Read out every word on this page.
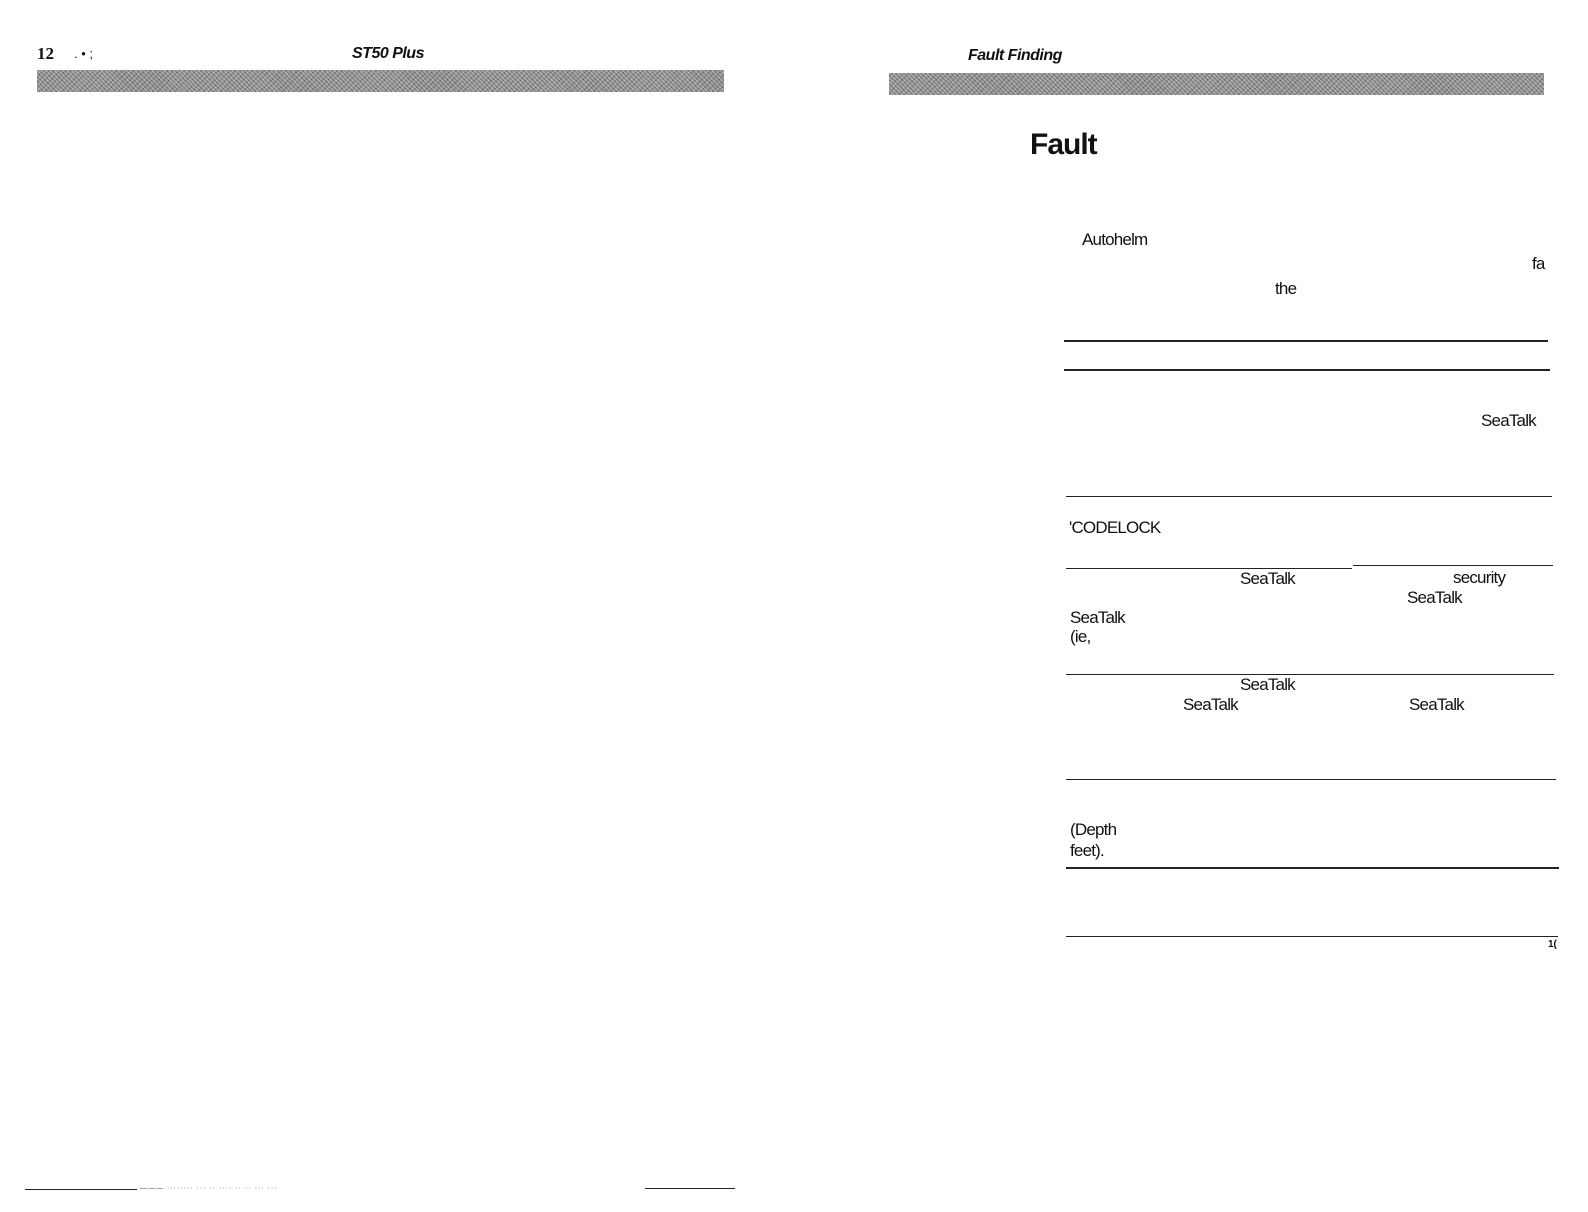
12 . • ;	ST50 Plus
——— ········ ··· ·· ···· ·· ·· ··· ···
Fault Finding
Fault
Autohelm
fa
the
SeaTalk
'CODELOCK
SeaTalk	security
SeaTalk
SeaTalk
(ie,
SeaTalk
SeaTalk	SeaTalk
(Depth
feet).
1(
